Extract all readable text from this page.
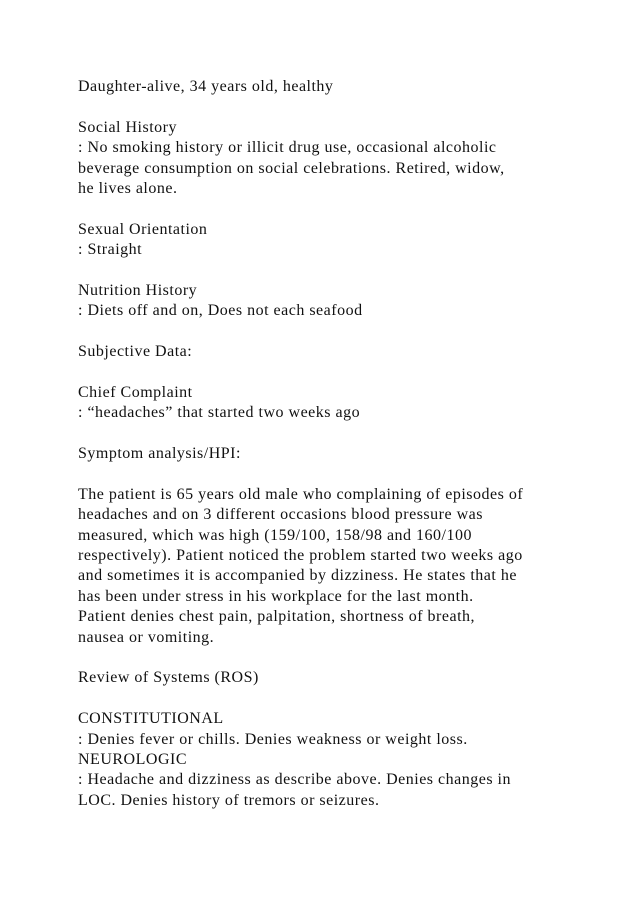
Daughter-alive, 34 years old, healthy
Social History
: No smoking history or illicit drug use, occasional alcoholic
beverage consumption on social celebrations. Retired, widow,
he lives alone.
Sexual Orientation
: Straight
Nutrition History
: Diets off and on, Does not each seafood
Subjective Data:
Chief Complaint
: “headaches” that started two weeks ago
Symptom analysis/HPI:
The patient is 65 years old male who complaining of episodes of
headaches and on 3 different occasions blood pressure was
measured, which was high (159/100, 158/98 and 160/100
respectively). Patient noticed the problem started two weeks ago
and sometimes it is accompanied by dizziness. He states that he
has been under stress in his workplace for the last month.
Patient denies chest pain, palpitation, shortness of breath,
nausea or vomiting.
Review of Systems (ROS)
CONSTITUTIONAL
: Denies fever or chills. Denies weakness or weight loss.
NEUROLOGIC
: Headache and dizziness as describe above. Denies changes in
LOC. Denies history of tremors or seizures.
